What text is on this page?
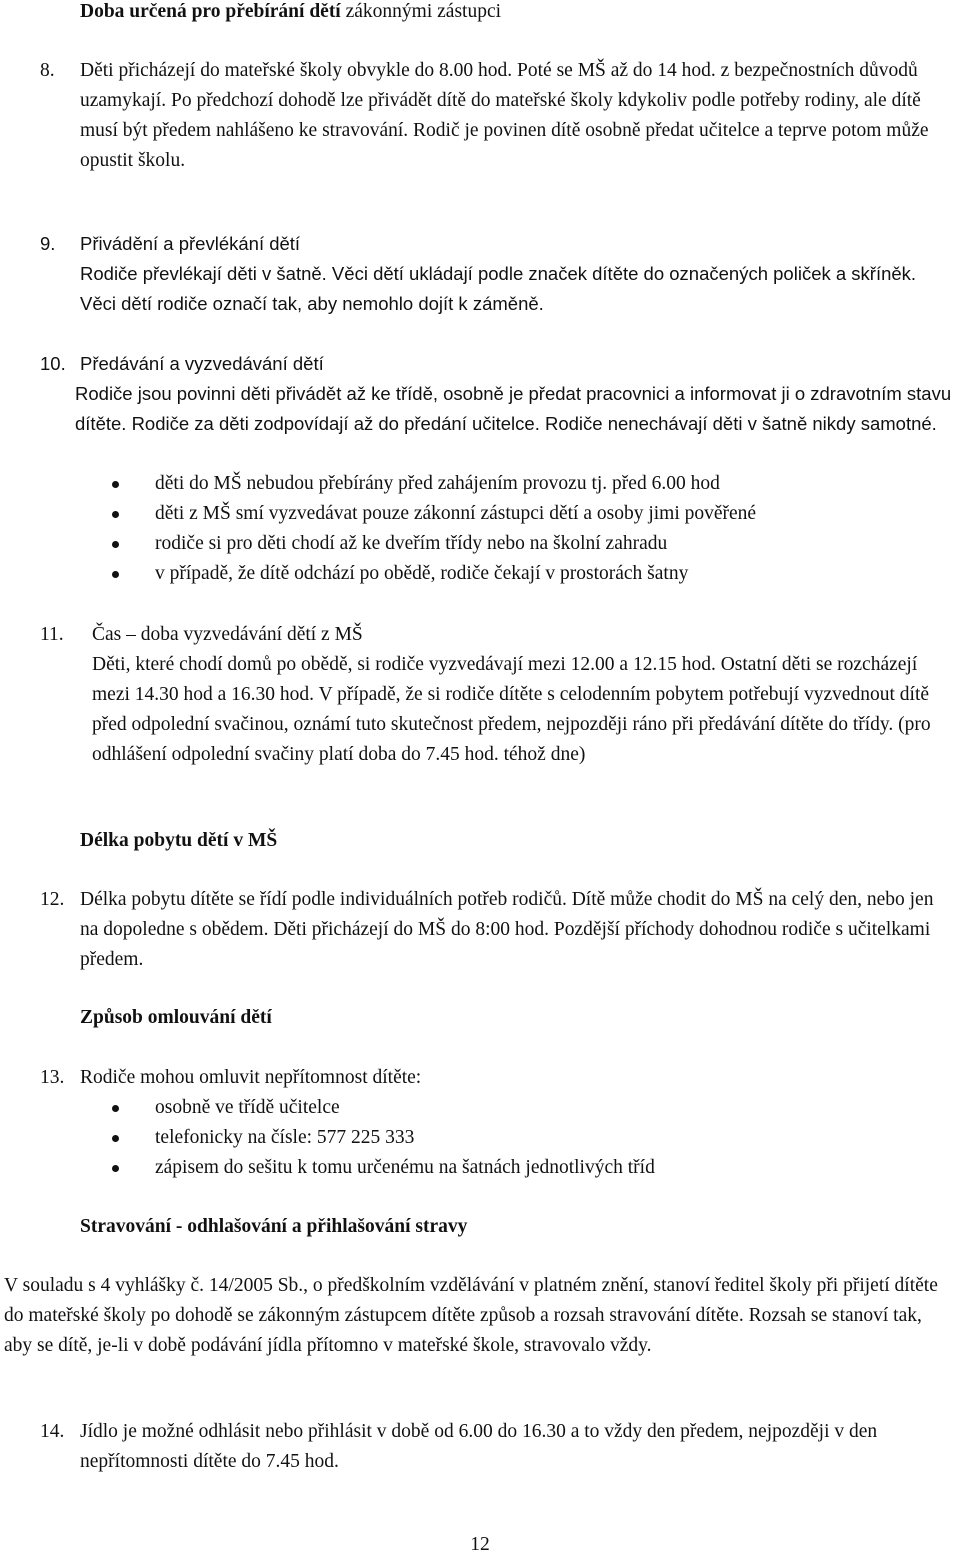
Doba určená pro přebírání dětí zákonnými zástupci
8.	Děti přicházejí do mateřské školy obvykle do 8.00 hod. Poté se MŠ až do 14 hod. z bezpečnostních důvodů uzamykají. Po předchozí dohodě lze přivádět dítě do mateřské školy kdykoliv podle potřeby rodiny, ale dítě musí být předem nahlášeno ke stravování. Rodič je povinen dítě osobně předat učitelce a teprve potom může opustit školu.

9.	Přivádění a převlékání dětí

Rodiče převlékají děti v šatně. Věci dětí ukládají podle značek dítěte do označených poliček a skříněk. Věci dětí rodiče označí tak, aby nemohlo dojít k záměně.

10. Předávání a vyzvedávání dětí

Rodiče jsou povinni děti přivádět až ke třídě, osobně je předat pracovnici a informovat ji o zdravotním stavu dítěte. Rodiče za děti zodpovídají až do předání učitelce. Rodiče nenechávají děti v šatně nikdy samotné.

děti do MŠ nebudou přebírány před zahájením provozu tj. před 6.00 hod
děti z MŠ smí vyzvedávat pouze zákonní zástupci dětí a osoby jimi pověřené
rodiče si pro děti chodí až ke dveřím třídy nebo na školní zahradu
v případě, že dítě odchází po obědě, rodiče čekají v prostorách šatny
11.	Čas – doba vyzvedávání dětí z MŠ

Děti, které chodí domů po obědě, si rodiče vyzvedávají mezi 12.00 a 12.15 hod. Ostatní děti se rozcházejí mezi 14.30 hod a 16.30 hod. V případě, že si rodiče dítěte s celodenním pobytem potřebují vyzvednout dítě před odpolední svačinou, oznámí tuto skutečnost předem, nejpozději ráno při předávání dítěte do třídy. (pro odhlášení odpolední svačiny platí doba do 7.45 hod. téhož dne)

Délka pobytu dětí v MŠ
12. Délka pobytu dítěte se řídí podle individuálních potřeb rodičů. Dítě může chodit do MŠ na celý den, nebo jen na dopoledne s obědem. Děti přicházejí do MŠ do 8:00 hod. Pozdější příchody dohodnou rodiče s učitelkami předem.

Způsob omlouvání dětí
13. Rodiče mohou omluvit nepřítomnost dítěte:

osobně ve třídě učitelce
telefonicky na čísle: 577 225 333
zápisem do sešitu k tomu určenému na šatnách jednotlivých tříd
Stravování - odhlašování a přihlašování stravy

V souladu s 4 vyhlášky č. 14/2005 Sb., o předškolním vzdělávání v platném znění, stanoví ředitel školy při přijetí dítěte do mateřské školy po dohodě se zákonným zástupcem dítěte způsob a rozsah stravování dítěte. Rozsah se stanoví tak, aby se dítě, je-li v době podávání jídla přítomno v mateřské škole, stravovalo vždy.

14. Jídlo je možné odhlásit nebo přihlásit v době od 6.00 do 16.30 a to vždy den předem, nejpozději v den nepřítomnosti dítěte do 7.45 hod.

12
